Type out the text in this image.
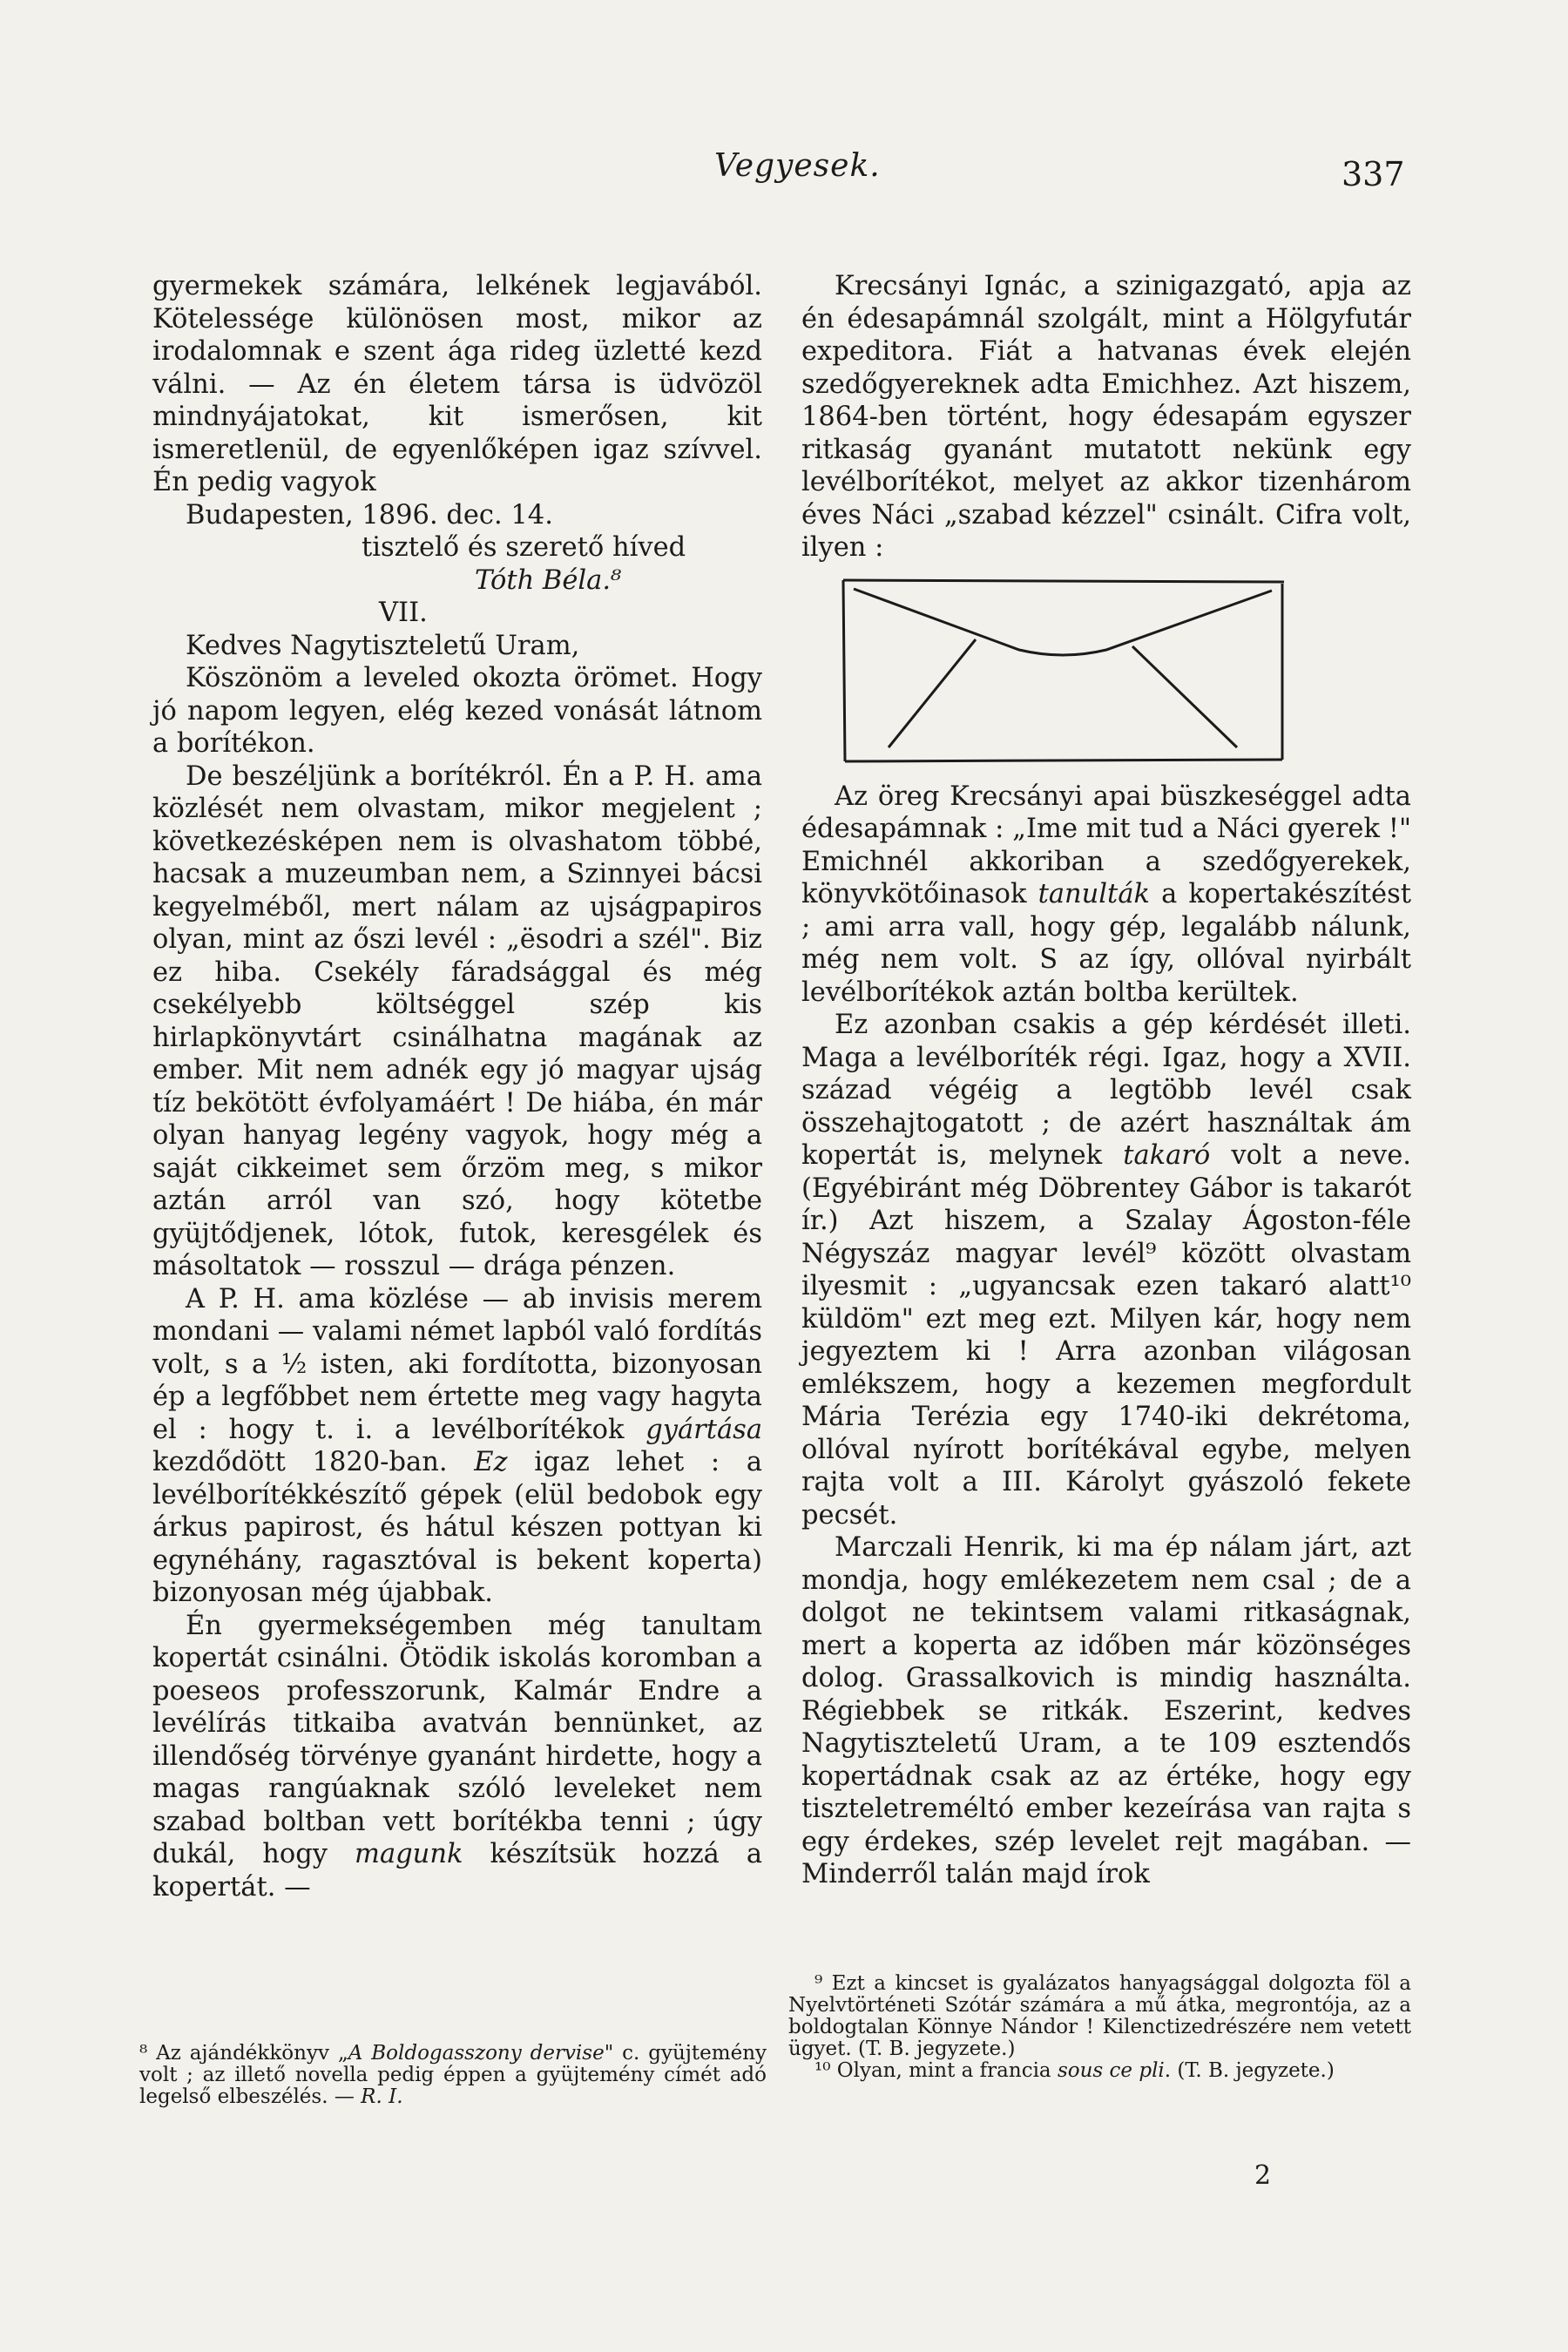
Vegyesek.	337

gyermekek számára, lelkének legjavából. Kötelessége különösen most, mikor az irodalomnak e szent ága rideg üzletté kezd válni. — Az én életem társa is üdvözöl mindnyájatokat, kit ismerősen, kit ismeretlenül, de egyenlőképen igaz szívvel. Én pedig vagyok

Budapesten, 1896. dec. 14.

tisztelő és szerető híved

Tóth Béla.⁸

VII.

Kedves Nagytiszteletű Uram,

Köszönöm a leveled okozta örömet. Hogy jó napom legyen, elég kezed vonását látnom a borítékon.

De beszéljünk a borítékról. Én a P. H. ama közlését nem olvastam, mikor megjelent ; következésképen nem is olvashatom többé, hacsak a muzeumban nem, a Szinnyei bácsi kegyelméből, mert nálam az ujságpapiros olyan, mint az őszi levél : „ësodri a szél". Biz ez hiba. Csekély fáradsággal és még csekélyebb költséggel szép kis hirlapkönyvtárt csinálhatna magának az ember. Mit nem adnék egy jó magyar ujság tíz bekötött évfolyamáért ! De hiába, én már olyan hanyag legény vagyok, hogy még a saját cikkeimet sem őrzöm meg, s mikor aztán arról van szó, hogy kötetbe gyüjtődjenek, lótok, futok, keresgélek és másoltatok — rosszul — drága pénzen.

A P. H. ama közlése — ab invisis merem mondani — valami német lapból való fordítás volt, s a ½ isten, aki fordította, bizonyosan ép a legfőbbet nem értette meg vagy hagyta el : hogy t. i. a levélborítékok gyártása kezdődött 1820-ban. Ez igaz lehet : a levélborítékkészítő gépek (elül bedobok egy árkus papirost, és hátul készen pottyan ki egynéhány, ragasztóval is bekent koperta) bizonyosan még újabbak.

Én gyermekségemben még tanultam kopertát csinálni. Ötödik iskolás koromban a poeseos professzorunk, Kalmár Endre a levélírás titkaiba avatván bennünket, az illendőség törvénye gyanánt hirdette, hogy a magas rangúaknak szóló leveleket nem szabad boltban vett borítékba tenni ; úgy dukál, hogy magunk készítsük hozzá a kopertát. —

Krecsányi Ignác, a szinigazgató, apja az én édesapámnál szolgált, mint a Hölgyfutár expeditora. Fiát a hatvanas évek elején szedőgyereknek adta Emichhez. Azt hiszem, 1864-ben történt, hogy édesapám egyszer ritkaság gyanánt mutatott nekünk egy levélborítékot, melyet az akkor tizenhárom éves Náci „szabad kézzel" csinált. Cifra volt, ilyen :

Az öreg Krecsányi apai büszkeséggel adta édesapámnak : „Ime mit tud a Náci gyerek !" Emichnél akkoriban a szedőgyerekek, könyvkötőinasok tanulták a kopertakészítést ; ami arra vall, hogy gép, legalább nálunk, még nem volt. S az így, ollóval nyirbált levélborítékok aztán boltba kerültek.

Ez azonban csakis a gép kérdését illeti. Maga a levélboríték régi. Igaz, hogy a XVII. század végéig a legtöbb levél csak összehajtogatott ; de azért használtak ám kopertát is, melynek takaró volt a neve. (Egyébiránt még Döbrentey Gábor is takarót ír.) Azt hiszem, a Szalay Ágoston-féle Négyszáz magyar levél⁹ között olvastam ilyesmit : „ugyancsak ezen takaró alatt¹⁰ küldöm" ezt meg ezt. Milyen kár, hogy nem jegyeztem ki ! Arra azonban világosan emlékszem, hogy a kezemen megfordult Mária Terézia egy 1740-iki dekrétoma, ollóval nyírott borítékával egybe, melyen rajta volt a III. Károlyt gyászoló fekete pecsét.

Marczali Henrik, ki ma ép nálam járt, azt mondja, hogy emlékezetem nem csal ; de a dolgot ne tekintsem valami ritkaságnak, mert a koperta az időben már közönséges dolog. Grassalkovich is mindig használta. Régiebbek se ritkák. Eszerint, kedves Nagytiszteletű Uram, a te 109 esztendős kopertádnak csak az az értéke, hogy egy tiszteletreméltó ember kezeírása van rajta s egy érdekes, szép levelet rejt magában. — Minderről talán majd írok

⁸ Az ajándékkönyv „A Boldogasszony dervise" c. gyüjtemény volt ; az illető novella pedig éppen a gyüjtemény címét adó legelső elbeszélés. — R. I.

⁹ Ezt a kincset is gyalázatos hanyagsággal dolgozta föl a Nyelvtörténeti Szótár számára a mű átka, megrontója, az a boldogtalan Könnye Nándor ! Kilenctizedrészére nem vetett ügyet. (T. B. jegyzete.)

¹⁰ Olyan, mint a francia sous ce pli. (T. B. jegyzete.)

2
